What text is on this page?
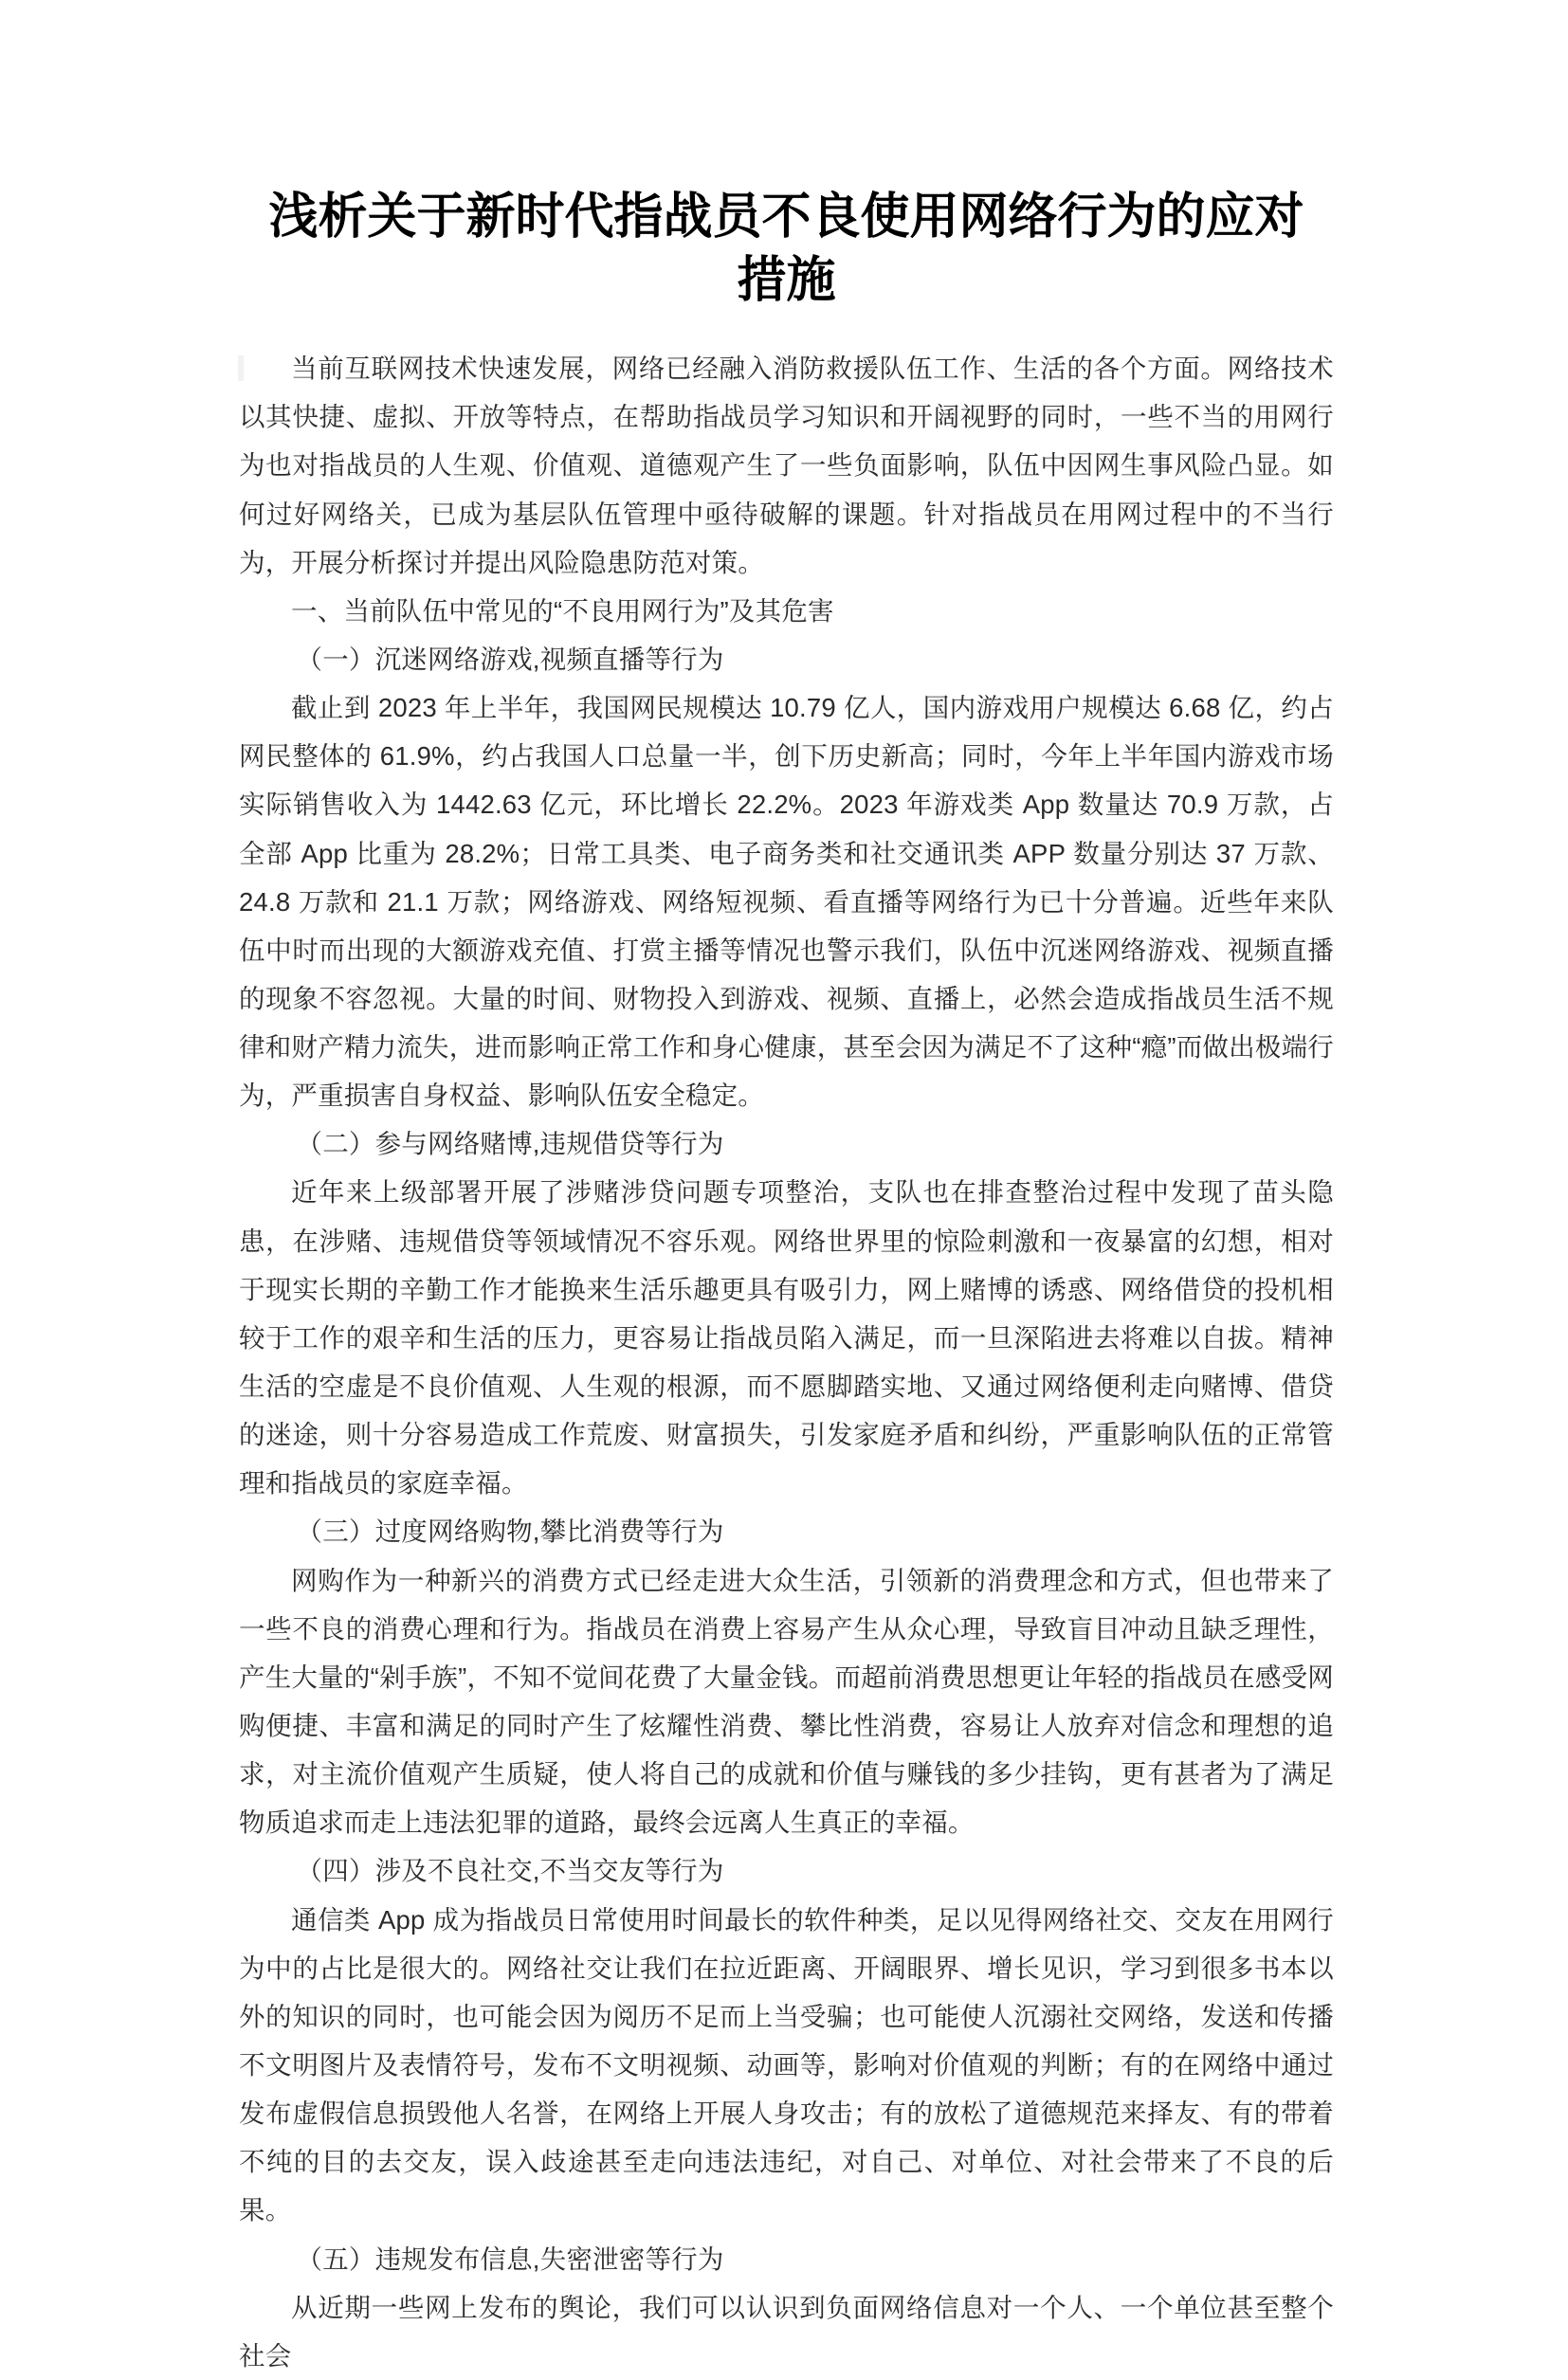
浅析关于新时代指战员不良使用网络行为的应对措施

当前互联网技术快速发展，网络已经融入消防救援队伍工作、生活的各个方面。网络技术以其快捷、虚拟、开放等特点，在帮助指战员学习知识和开阔视野的同时，一些不当的用网行为也对指战员的人生观、价值观、道德观产生了一些负面影响，队伍中因网生事风险凸显。如何过好网络关，已成为基层队伍管理中亟待破解的课题。针对指战员在用网过程中的不当行为，开展分析探讨并提出风险隐患防范对策。

一、当前队伍中常见的“不良用网行为”及其危害

（一）沉迷网络游戏,视频直播等行为

截止到 2023 年上半年，我国网民规模达 10.79 亿人，国内游戏用户规模达 6.68 亿，约占网民整体的 61.9%，约占我国人口总量一半，创下历史新高；同时，今年上半年国内游戏市场实际销售收入为 1442.63 亿元，环比增长 22.2%。2023 年游戏类 App 数量达 70.9 万款，占全部 App 比重为 28.2%；日常工具类、电子商务类和社交通讯类 APP 数量分别达 37 万款、24.8 万款和 21.1 万款；网络游戏、网络短视频、看直播等网络行为已十分普遍。近些年来队伍中时而出现的大额游戏充值、打赏主播等情况也警示我们，队伍中沉迷网络游戏、视频直播的现象不容忽视。大量的时间、财物投入到游戏、视频、直播上，必然会造成指战员生活不规律和财产精力流失，进而影响正常工作和身心健康，甚至会因为满足不了这种“瘾”而做出极端行为，严重损害自身权益、影响队伍安全稳定。

（二）参与网络赌博,违规借贷等行为

近年来上级部署开展了涉赌涉贷问题专项整治，支队也在排查整治过程中发现了苗头隐患，在涉赌、违规借贷等领域情况不容乐观。网络世界里的惊险刺激和一夜暴富的幻想，相对于现实长期的辛勤工作才能换来生活乐趣更具有吸引力，网上赌博的诱惑、网络借贷的投机相较于工作的艰辛和生活的压力，更容易让指战员陷入满足，而一旦深陷进去将难以自拔。精神生活的空虚是不良价值观、人生观的根源，而不愿脚踏实地、又通过网络便利走向赌博、借贷的迷途，则十分容易造成工作荒废、财富损失，引发家庭矛盾和纠纷，严重影响队伍的正常管理和指战员的家庭幸福。

（三）过度网络购物,攀比消费等行为

网购作为一种新兴的消费方式已经走进大众生活，引领新的消费理念和方式，但也带来了一些不良的消费心理和行为。指战员在消费上容易产生从众心理，导致盲目冲动且缺乏理性，产生大量的“剁手族”，不知不觉间花费了大量金钱。而超前消费思想更让年轻的指战员在感受网购便捷、丰富和满足的同时产生了炫耀性消费、攀比性消费，容易让人放弃对信念和理想的追求，对主流价值观产生质疑，使人将自己的成就和价值与赚钱的多少挂钩，更有甚者为了满足物质追求而走上违法犯罪的道路，最终会远离人生真正的幸福。

（四）涉及不良社交,不当交友等行为

通信类 App 成为指战员日常使用时间最长的软件种类，足以见得网络社交、交友在用网行为中的占比是很大的。网络社交让我们在拉近距离、开阔眼界、增长见识，学习到很多书本以外的知识的同时，也可能会因为阅历不足而上当受骗；也可能使人沉溺社交网络，发送和传播不文明图片及表情符号，发布不文明视频、动画等，影响对价值观的判断；有的在网络中通过发布虚假信息损毁他人名誉，在网络上开展人身攻击；有的放松了道德规范来择友、有的带着不纯的目的去交友，误入歧途甚至走向违法违纪，对自己、对单位、对社会带来了不良的后果。

（五）违规发布信息,失密泄密等行为

从近期一些网上发布的舆论，我们可以认识到负面网络信息对一个人、一个单位甚至整个社会
